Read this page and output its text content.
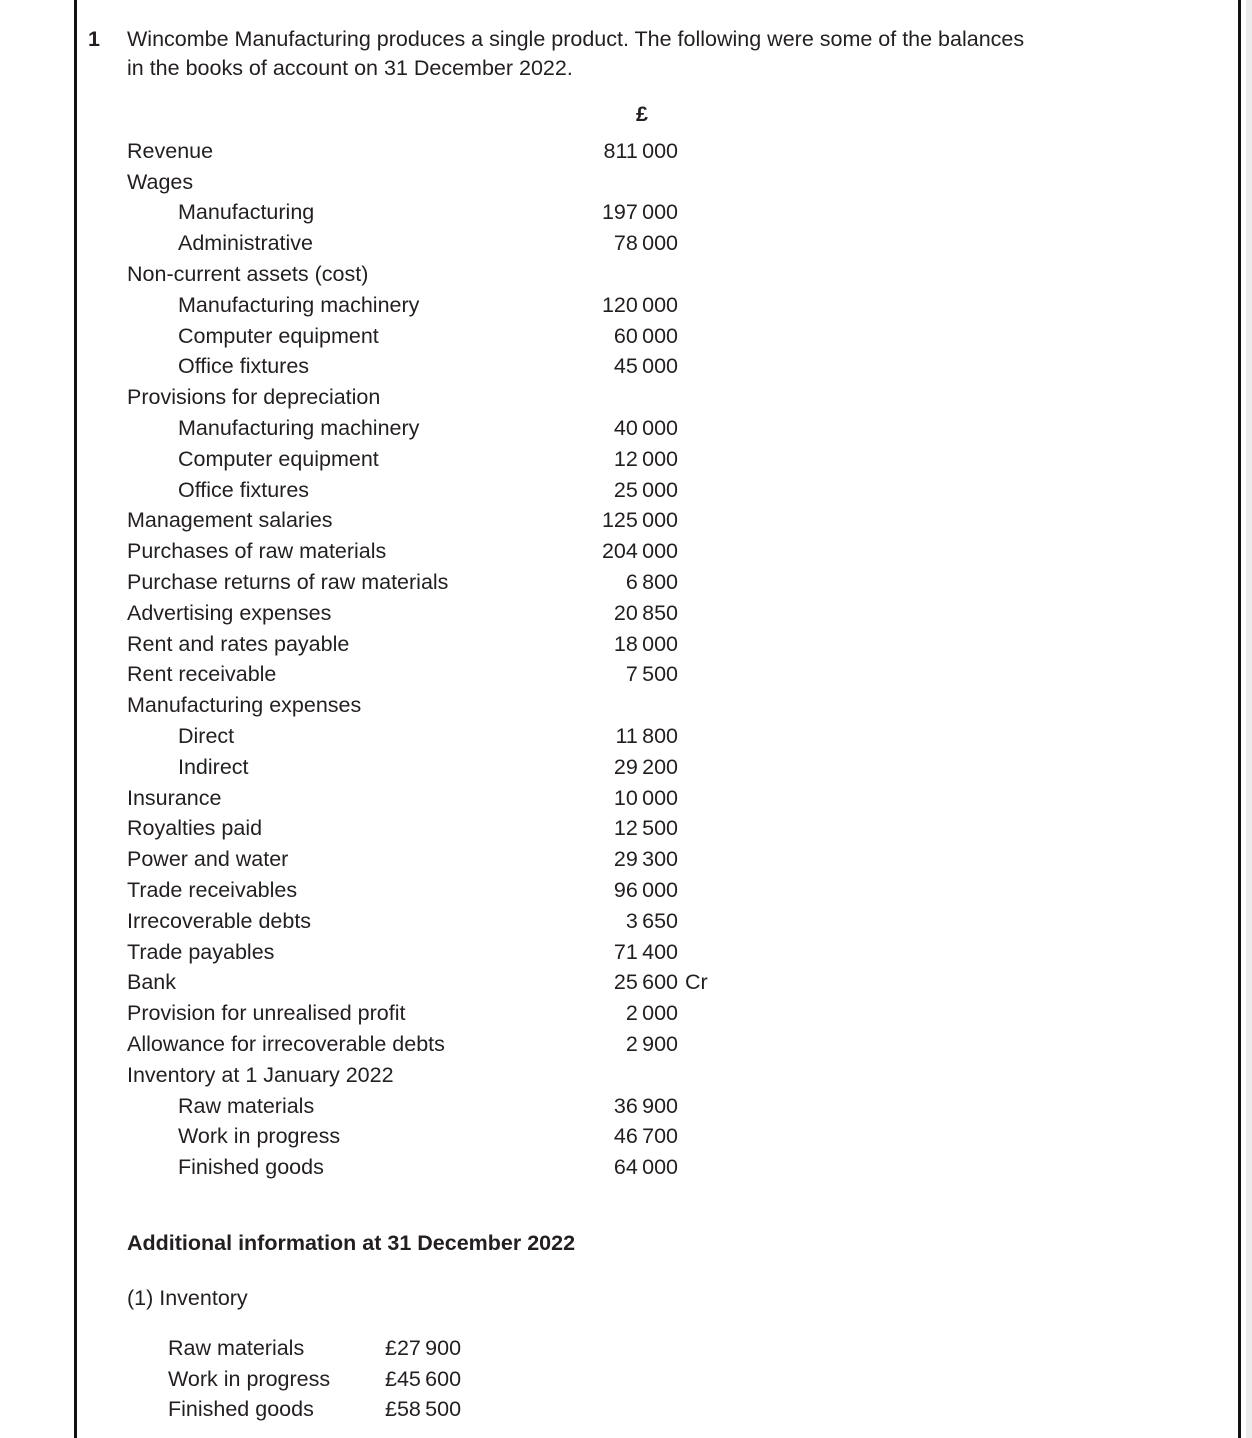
1	Wincombe Manufacturing produces a single product. The following were some of the balances in the books of account on 31 December 2022.
£
Revenue	811 000
Wages
Manufacturing	197 000
Administrative	78 000
Non-current assets (cost)
Manufacturing machinery	120 000
Computer equipment	60 000
Office fixtures	45 000
Provisions for depreciation
Manufacturing machinery	40 000
Computer equipment	12 000
Office fixtures	25 000
Management salaries	125 000
Purchases of raw materials	204 000
Purchase returns of raw materials	6 800
Advertising expenses	20 850
Rent and rates payable	18 000
Rent receivable	7 500
Manufacturing expenses
Direct	11 800
Indirect	29 200
Insurance	10 000
Royalties paid	12 500
Power and water	29 300
Trade receivables	96 000
Irrecoverable debts	3 650
Trade payables	71 400
Bank	25 600 Cr
Provision for unrealised profit	2 000
Allowance for irrecoverable debts	2 900
Inventory at 1 January 2022
Raw materials	36 900
Work in progress	46 700
Finished goods	64 000
Additional information at 31 December 2022
(1) Inventory
Raw materials	£27 900
Work in progress	£45 600
Finished goods	£58 500
